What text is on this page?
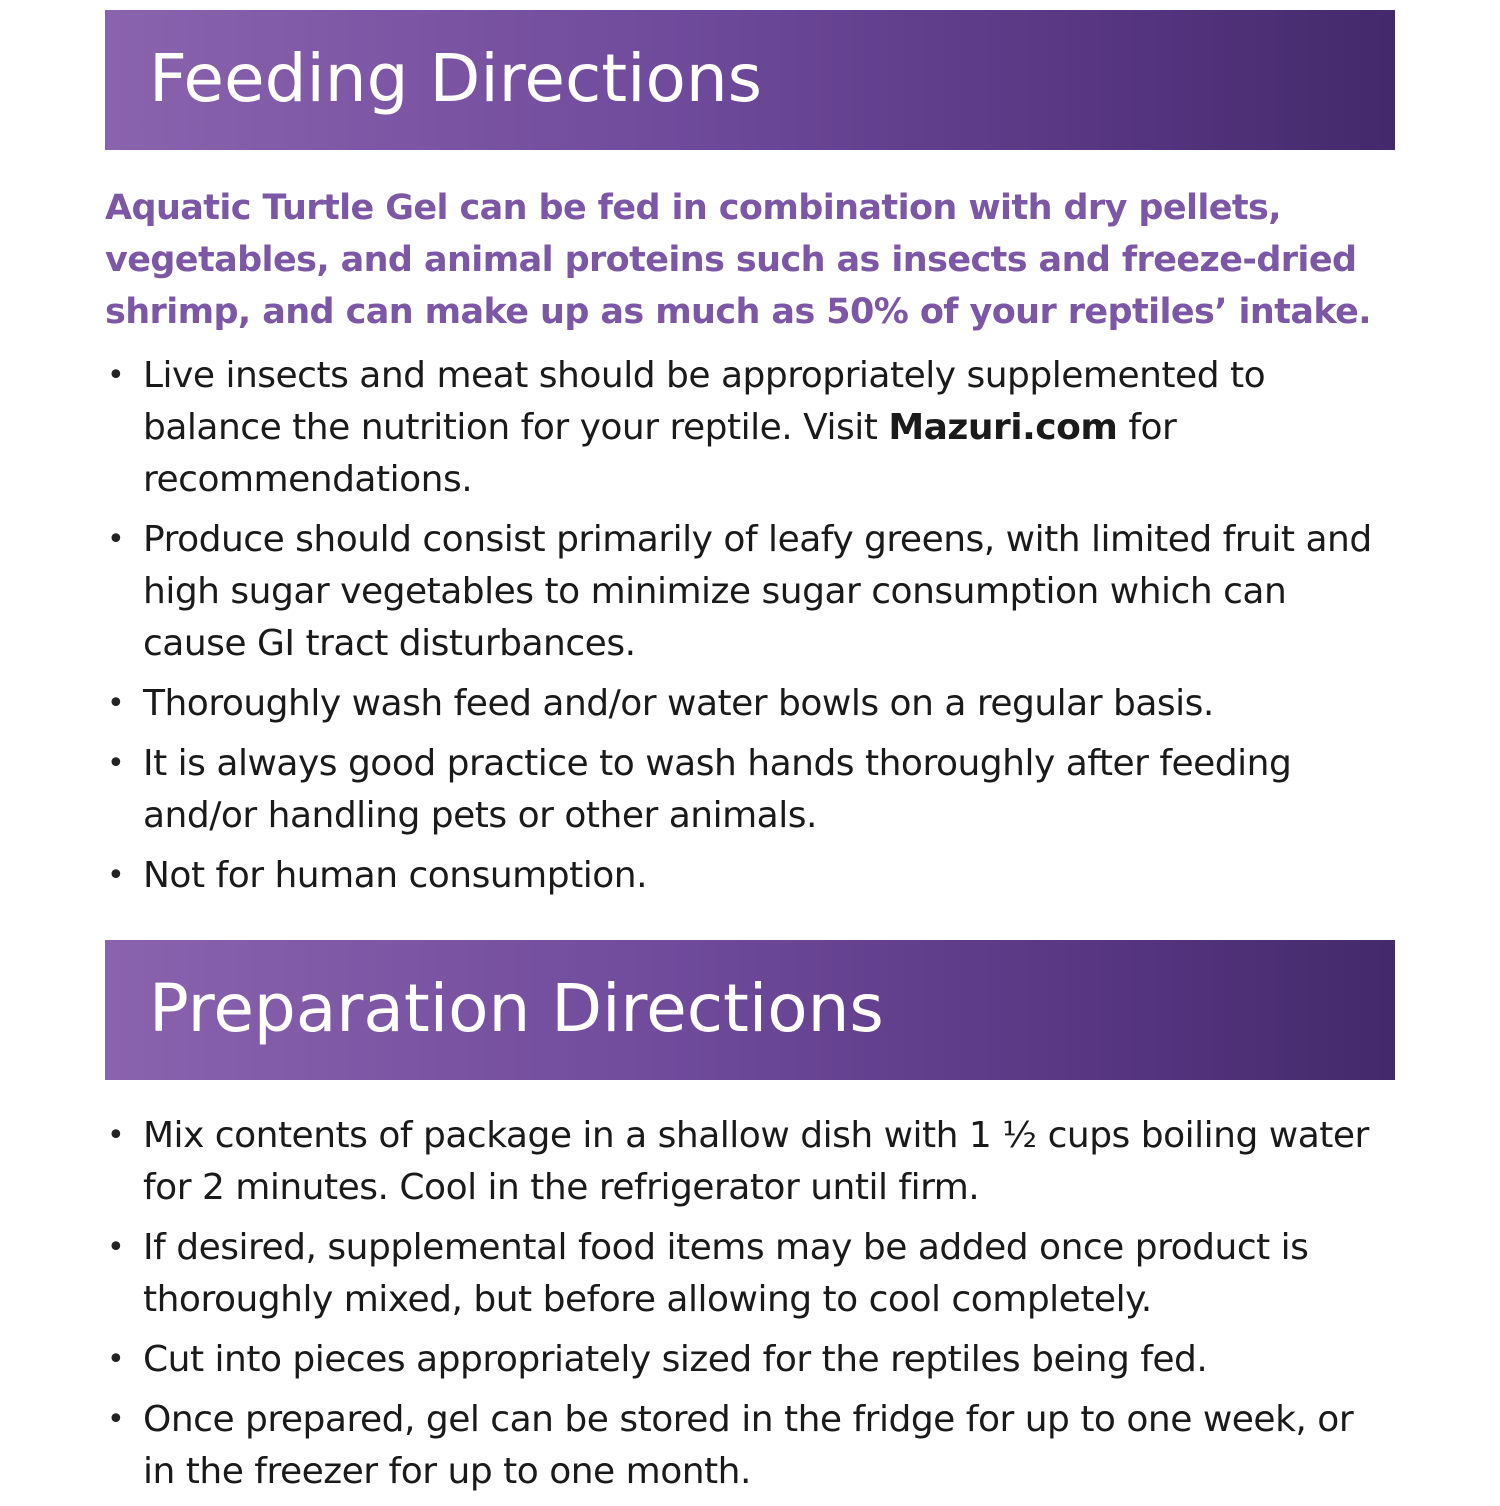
Feeding Directions

Aquatic Turtle Gel can be fed in combination with dry pellets, vegetables, and animal proteins such as insects and freeze-dried shrimp, and can make up as much as 50% of your reptiles’ intake.

• Live insects and meat should be appropriately supplemented to balance the nutrition for your reptile. Visit Mazuri.com for recommendations.
• Produce should consist primarily of leafy greens, with limited fruit and high sugar vegetables to minimize sugar consumption which can cause GI tract disturbances.
• Thoroughly wash feed and/or water bowls on a regular basis.
• It is always good practice to wash hands thoroughly after feeding and/or handling pets or other animals.
• Not for human consumption.
Preparation Directions
• Mix contents of package in a shallow dish with 1 ½ cups boiling water for 2 minutes. Cool in the refrigerator until firm.
• If desired, supplemental food items may be added once product is thoroughly mixed, but before allowing to cool completely.
• Cut into pieces appropriately sized for the reptiles being fed.
• Once prepared, gel can be stored in the fridge for up to one week, or in the freezer for up to one month.
